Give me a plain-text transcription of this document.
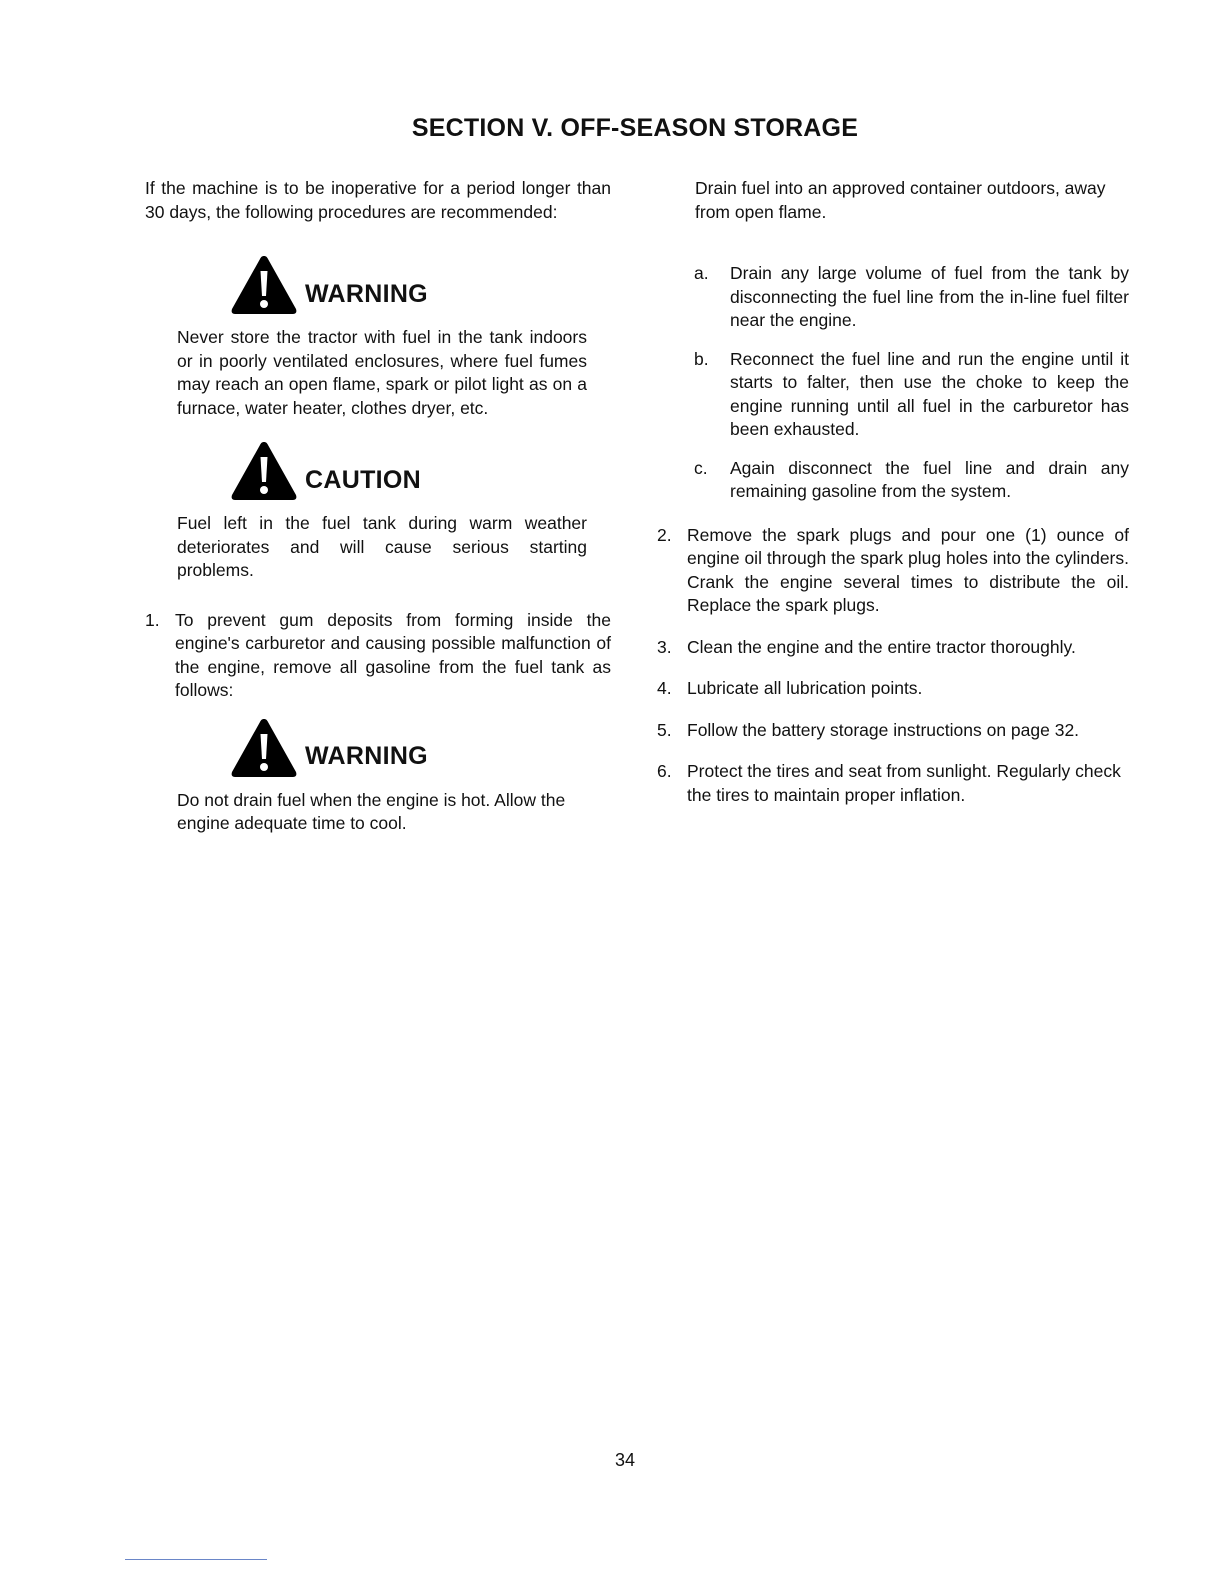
SECTION V. OFF-SEASON STORAGE

If the machine is to be inoperative for a period longer than 30 days, the following procedures are recommended:

WARNING

Never store the tractor with fuel in the tank indoors or in poorly ventilated enclosures, where fuel fumes may reach an open flame, spark or pilot light as on a furnace, water heater, clothes dryer, etc.

CAUTION

Fuel left in the fuel tank during warm weather deteriorates and will cause serious starting problems.

1. To prevent gum deposits from forming inside the engine's carburetor and causing possible malfunction of the engine, remove all gasoline from the fuel tank as follows:
WARNING

Do not drain fuel when the engine is hot. Allow the engine adequate time to cool.

Drain fuel into an approved container outdoors, away from open flame.

a.	Drain any large volume of fuel from the tank by disconnecting the fuel line from the in-line fuel filter near the engine.
b.	Reconnect the fuel line and run the engine until it starts to falter, then use the choke to keep the engine running until all fuel in the carburetor has been exhausted.
c.	Again disconnect the fuel line and drain any remaining gasoline from the system.
2. Remove the spark plugs and pour one (1) ounce of engine oil through the spark plug holes into the cylinders. Crank the engine several times to distribute the oil. Replace the spark plugs.
3. Clean the engine and the entire tractor thoroughly.
4. Lubricate all lubrication points.
5. Follow the battery storage instructions on page 32.
6. Protect the tires and seat from sunlight. Regularly check the tires to maintain proper inflation.
34
